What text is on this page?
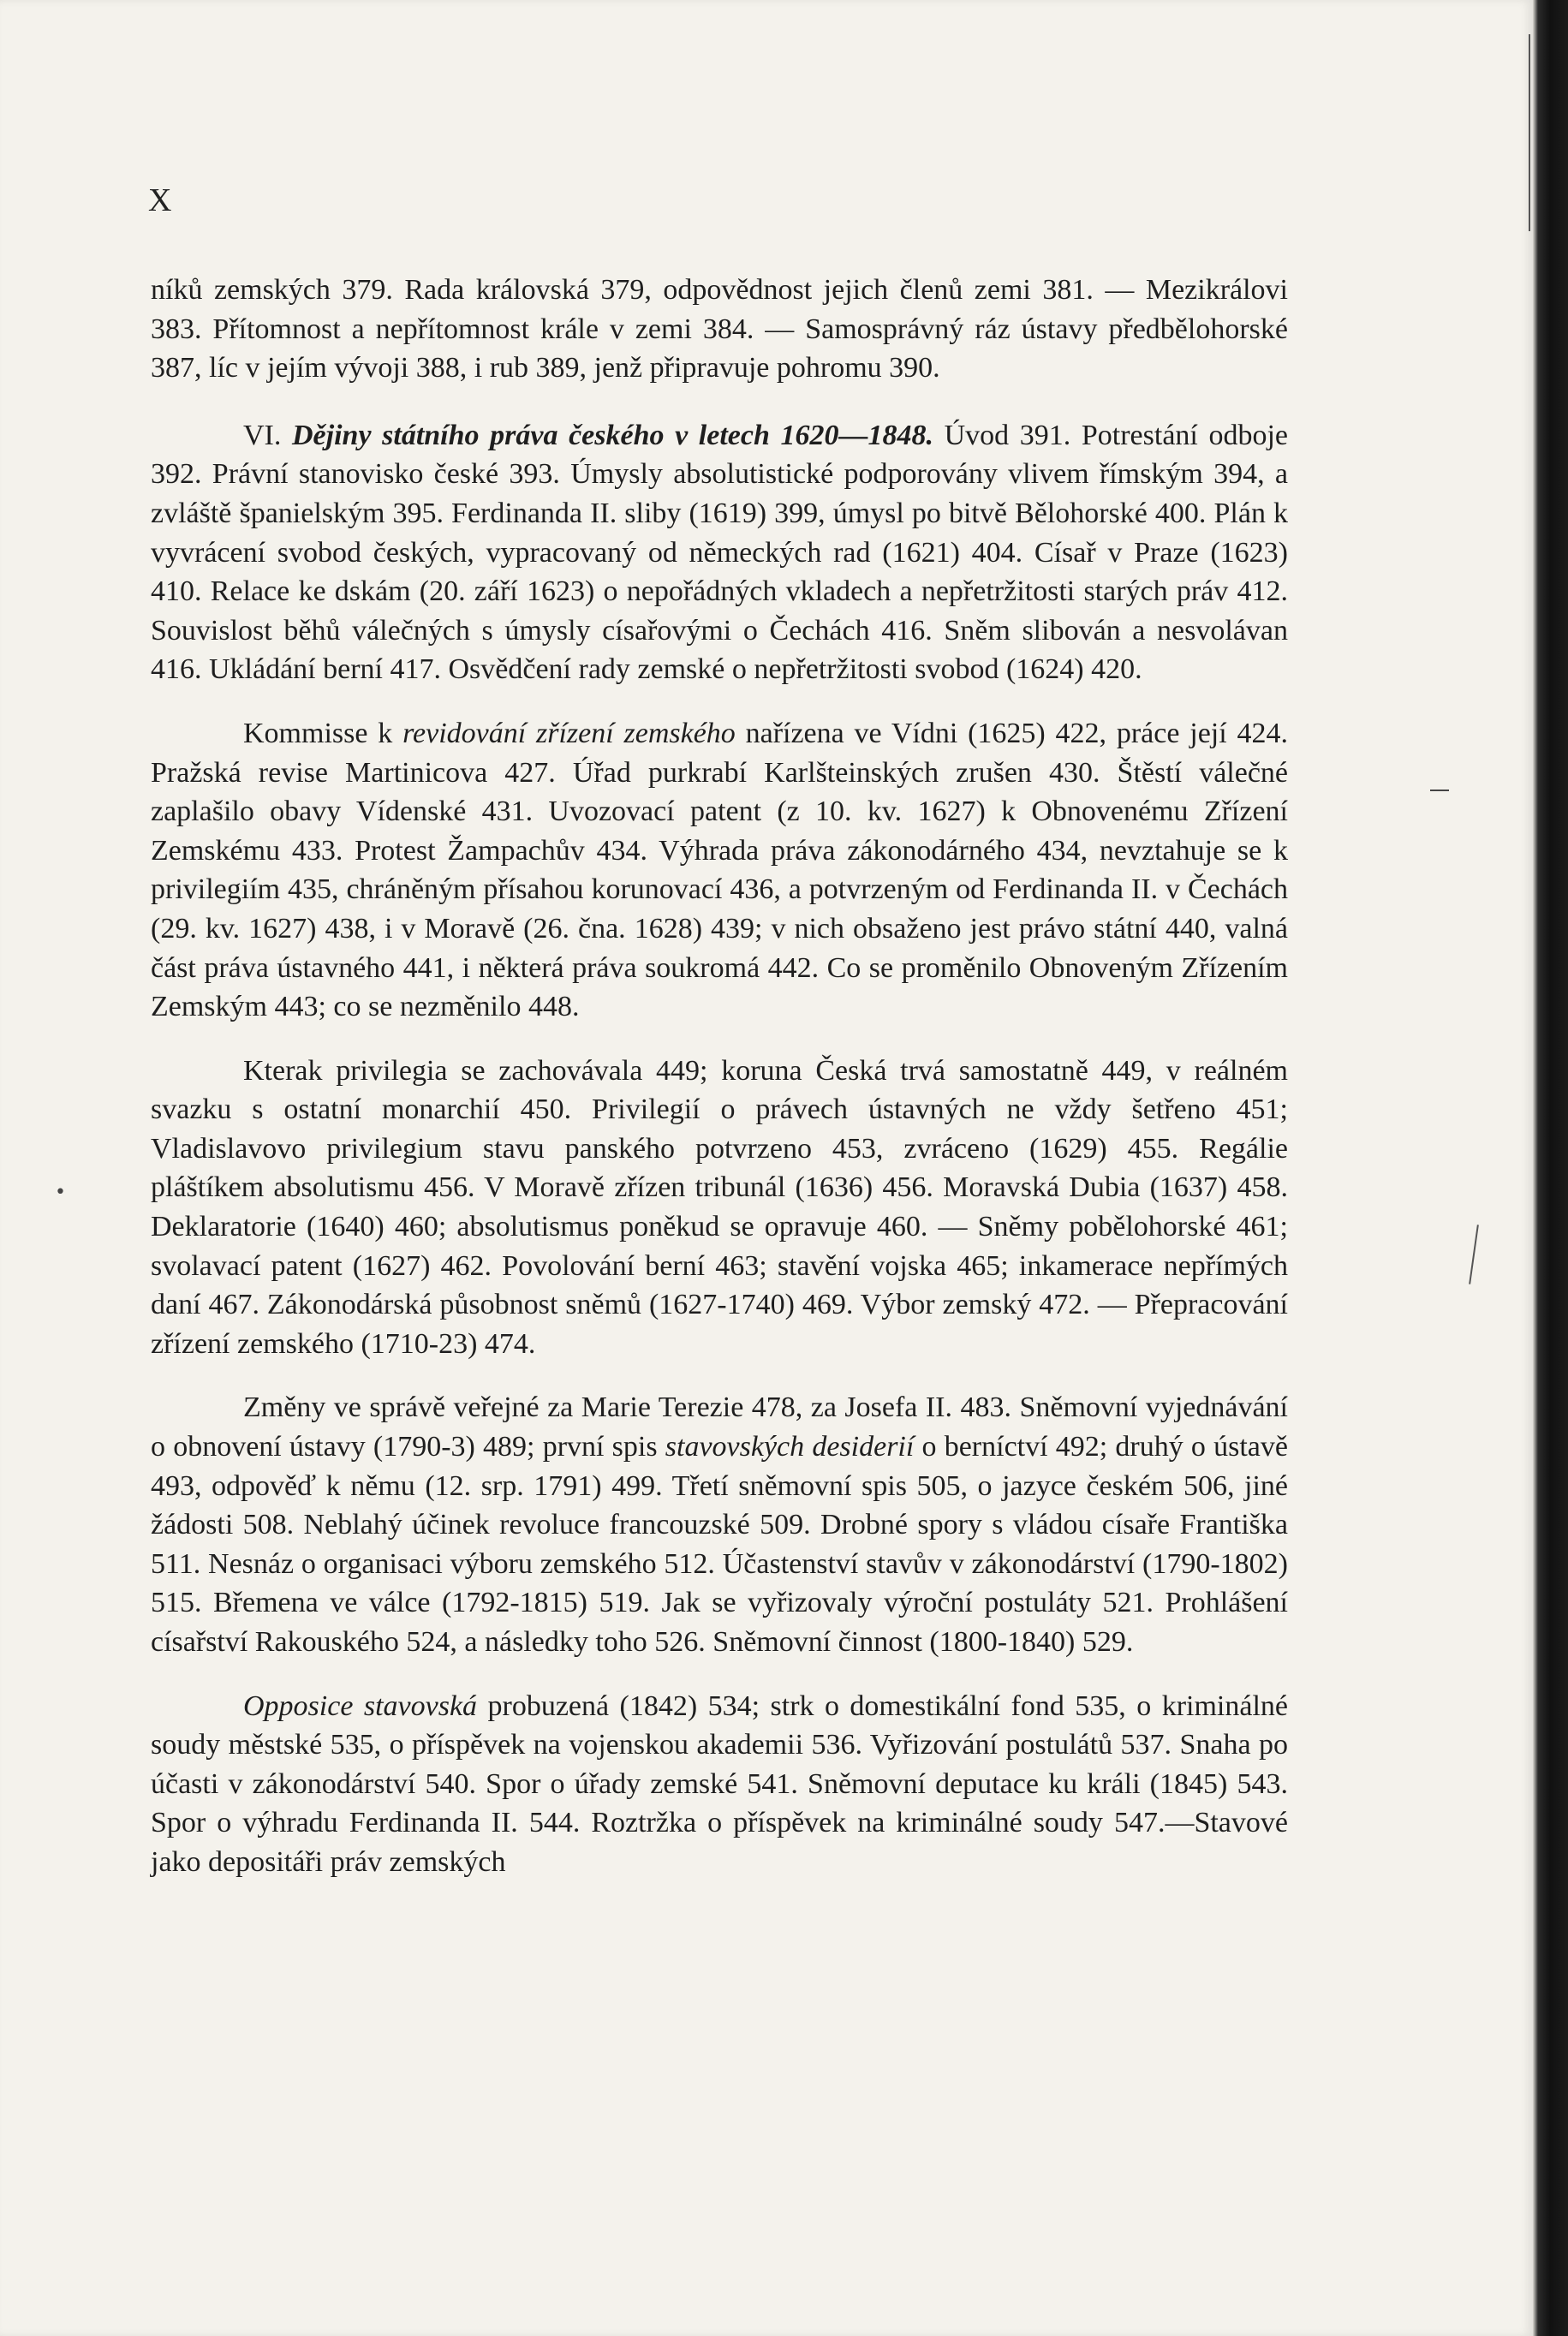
X

níků zemských 379. Rada královská 379, odpovědnost jejich členů zemi 381. — Mezikrálovi 383. Přítomnost a nepřítomnost krále v zemi 384. — Samosprávný ráz ústavy předbělohorské 387, líc v jejím vývoji 388, i rub 389, jenž připravuje pohromu 390.

VI. Dějiny státního práva českého v letech 1620—1848. Úvod 391. Potrestání odboje 392. Právní stanovisko české 393. Úmysly absolutistické podporovány vlivem římským 394, a zvláště španielským 395. Ferdinanda II. sliby (1619) 399, úmysl po bitvě Bělohorské 400. Plán k vyvrácení svobod českých, vypracovaný od německých rad (1621) 404. Císař v Praze (1623) 410. Relace ke dskám (20. září 1623) o nepořádných vkladech a nepřetržitosti starých práv 412. Souvislost běhů válečných s úmysly císařovými o Čechách 416. Sněm slibován a nesvolávan 416. Ukládání berní 417. Osvědčení rady zemské o nepřetržitosti svobod (1624) 420.

Kommisse k revidování zřízení zemského nařízena ve Vídni (1625) 422, práce její 424. Pražská revise Martinicova 427. Úřad purkrabí Karlšteinských zrušen 430. Štěstí válečné zaplašilo obavy Vídenské 431. Uvozovací patent (z 10. kv. 1627) k Obnovenému Zřízení Zemskému 433. Protest Žampachův 434. Výhrada práva zákonodárného 434, nevztahuje se k privilegiím 435, chráněným přísahou korunovací 436, a potvrzeným od Ferdinanda II. v Čechách (29. kv. 1627) 438, i v Moravě (26. čna. 1628) 439; v nich obsaženo jest právo státní 440, valná část práva ústavného 441, i některá práva soukromá 442. Co se proměnilo Obnoveným Zřízením Zemským 443; co se nezměnilo 448.

Kterak privilegia se zachovávala 449; koruna Česká trvá samostatně 449, v reálném svazku s ostatní monarchií 450. Privilegií o právech ústavných ne vždy šetřeno 451; Vladislavovo privilegium stavu panského potvrzeno 453, zvráceno (1629) 455. Regálie pláštíkem absolutismu 456. V Moravě zřízen tribunál (1636) 456. Moravská Dubia (1637) 458. Deklaratorie (1640) 460; absolutismus poněkud se opravuje 460. — Sněmy pobělohorské 461; svolavací patent (1627) 462. Povolování berní 463; stavění vojska 465; inkamerace nepřímých daní 467. Zákonodárská působnost sněmů (1627-1740) 469. Výbor zemský 472. — Přepracování zřízení zemského (1710-23) 474.

Změny ve správě veřejné za Marie Terezie 478, za Josefa II. 483. Sněmovní vyjednávání o obnovení ústavy (1790-3) 489; první spis stavovských desiderií o berníctví 492; druhý o ústavě 493, odpověď k němu (12. srp. 1791) 499. Třetí sněmovní spis 505, o jazyce českém 506, jiné žádosti 508. Neblahý účinek revoluce francouzské 509. Drobné spory s vládou císaře Františka 511. Nesnáz o organisaci výboru zemského 512. Účastenství stavův v zákonodárství (1790-1802) 515. Břemena ve válce (1792-1815) 519. Jak se vyřizovaly výroční postuláty 521. Prohlášení císařství Rakouského 524, a následky toho 526. Sněmovní činnost (1800-1840) 529.

Opposice stavovská probuzená (1842) 534; strk o domestikální fond 535, o kriminálné soudy městské 535, o příspěvek na vojenskou akademii 536. Vyřizování postulátů 537. Snaha po účasti v zákonodárství 540. Spor o úřady zemské 541. Sněmovní deputace ku králi (1845) 543. Spor o výhradu Ferdinanda II. 544. Roztržka o příspěvek na kriminálné soudy 547.—Stavové jako depositáři práv zemských

•
